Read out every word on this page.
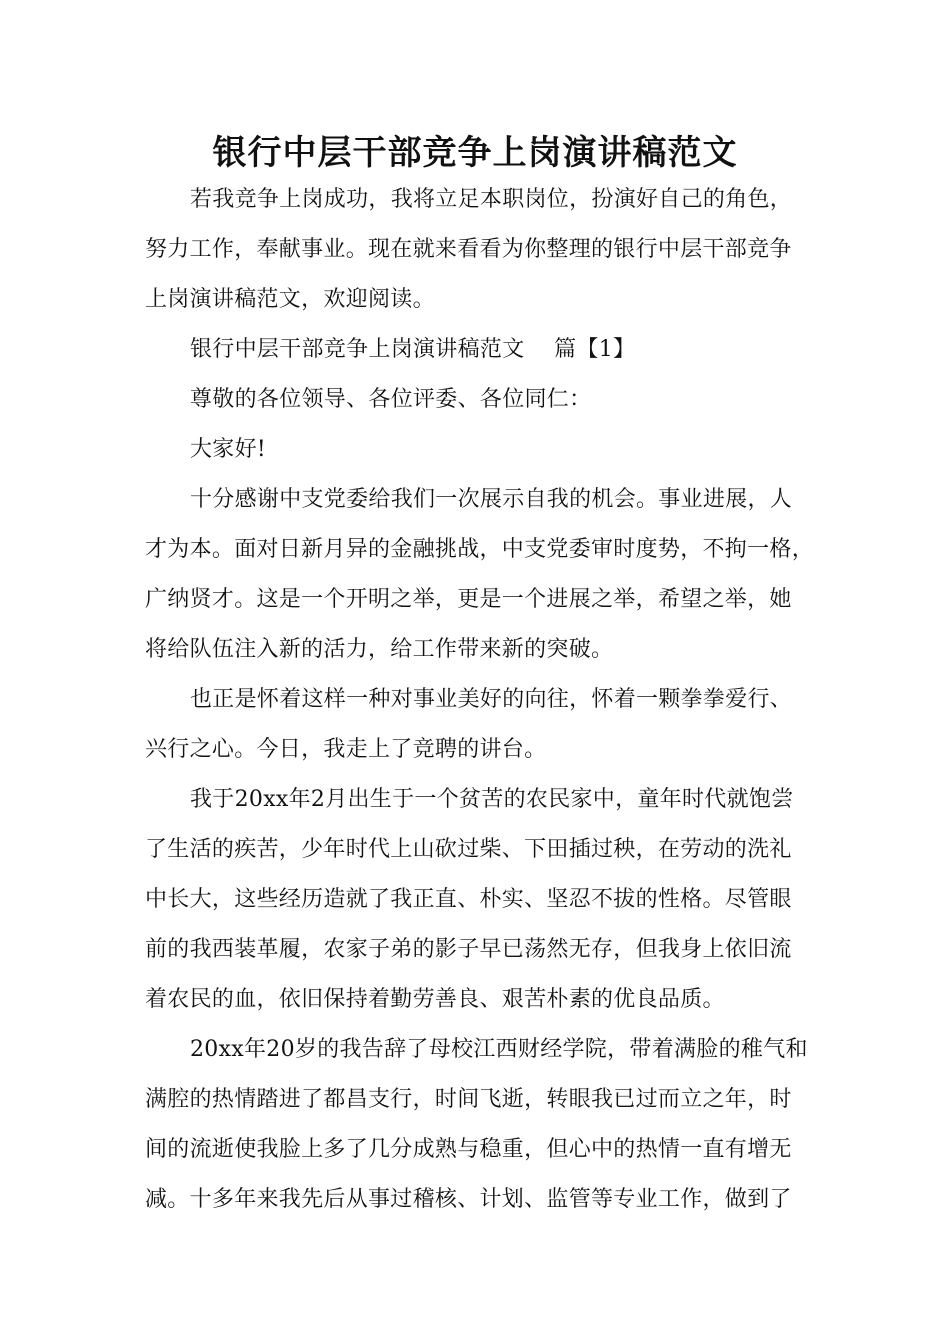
银行中层干部竞争上岗演讲稿范文
若我竞争上岗成功，我将立足本职岗位，扮演好自己的角色，
努力工作，奉献事业。现在就来看看为你整理的银行中层干部竞争
上岗演讲稿范文，欢迎阅读。
银行中层干部竞争上岗演讲稿范文　 篇【1】
尊敬的各位领导、各位评委、各位同仁：
大家好!
十分感谢中支党委给我们一次展示自我的机会。事业进展，人
才为本。面对日新月异的金融挑战，中支党委审时度势，不拘一格，
广纳贤才。这是一个开明之举，更是一个进展之举，希望之举，她
将给队伍注入新的活力，给工作带来新的突破。
也正是怀着这样一种对事业美好的向往，怀着一颗拳拳爱行、
兴行之心。今日，我走上了竞聘的讲台。
我于20xx年2月出生于一个贫苦的农民家中，童年时代就饱尝
了生活的疾苦，少年时代上山砍过柴、下田插过秧，在劳动的洗礼
中长大，这些经历造就了我正直、朴实、坚忍不拔的性格。尽管眼
前的我西装革履，农家子弟的影子早已荡然无存，但我身上依旧流
着农民的血，依旧保持着勤劳善良、艰苦朴素的优良品质。
20xx年20岁的我告辞了母校江西财经学院，带着满脸的稚气和
满腔的热情踏进了都昌支行，时间飞逝，转眼我已过而立之年，时
间的流逝使我脸上多了几分成熟与稳重，但心中的热情一直有增无
减。十多年来我先后从事过稽核、计划、监管等专业工作，做到了
